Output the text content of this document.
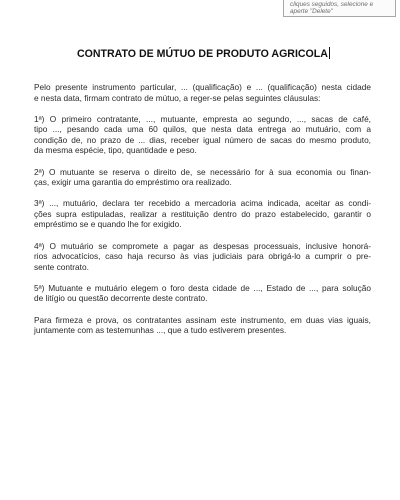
cliques seguidos, selecione e
aperte "Delete"
CONTRATO DE MÚTUO DE PRODUTO AGRICOLA

Pelo presente instrumento particular, ... (qualificação) e ... (qualificação) nesta cidade
e nesta data, firmam contrato de mútuo, a reger-se pelas seguintes cláusulas:

1ª) O primeiro contratante, ..., mutuante, empresta ao segundo, ..., sacas de café,
tipo ..., pesando cada uma 60 quilos, que nesta data entrega ao mutuário, com a
condição de, no prazo de ... dias, receber igual número de sacas do mesmo produto,
da mesma espécie, tipo, quantidade e peso.

2ª) O mutuante se reserva o direito de, se necessário for à sua economia ou finan-
ças, exigir uma garantia do empréstimo ora realizado.

3ª) ..., mutuário, declara ter recebido a mercadoria acima indicada, aceitar as condi-
ções supra estipuladas, realizar a restituição dentro do prazo estabelecido, garantir o
empréstimo se e quando lhe for exigido.

4ª) O mutuário se compromete a pagar as despesas processuais, inclusive honorá-
rios advocatícios, caso haja recurso às vias judiciais para obrigá-lo a cumprir o pre-
sente contrato.

5ª) Mutuante e mutuário elegem o foro desta cidade de ..., Estado de ..., para solução
de litígio ou questão decorrente deste contrato.

Para firmeza e prova, os contratantes assinam este instrumento, em duas vias iguais,
juntamente com as testemunhas ..., que a tudo estiverem presentes.
